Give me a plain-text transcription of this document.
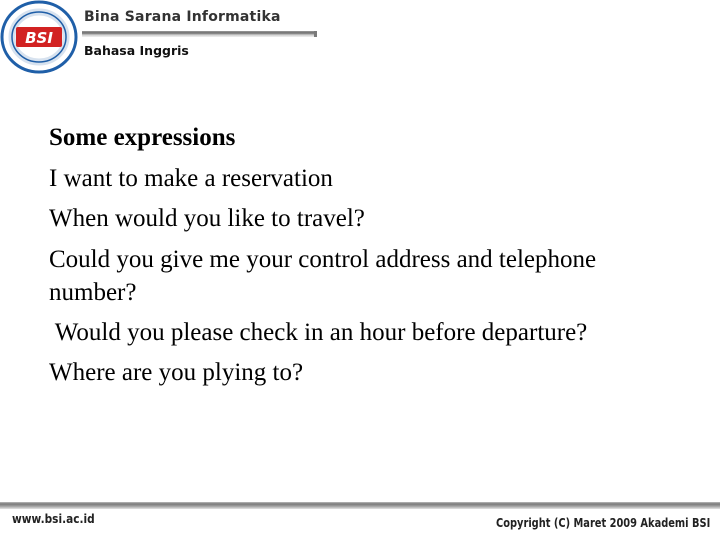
BSI
Bina Sarana Informatika
Bahasa Inggris

Some expressions

I want to make a reservation

When would you like to travel?

Could you give me your control address and telephone number?

Would you please check in an hour before departure?

Where are you plying to?

www.bsi.ac.id	Copyright (C) Maret 2009 Akademi BSI
